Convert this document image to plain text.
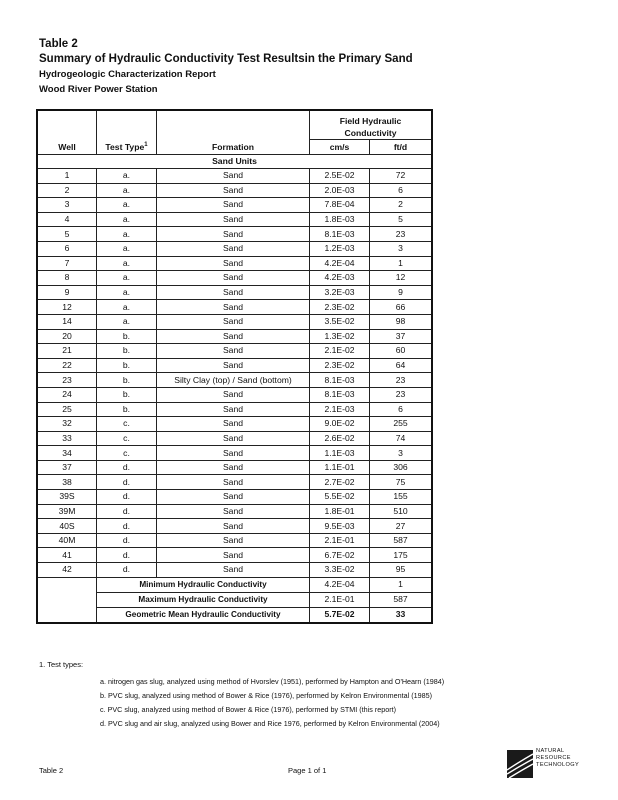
Table 2
Summary of Hydraulic Conductivity Test Resultsin the Primary Sand
Hydrogeologic Characterization Report
Wood River Power Station
Well	Test Type$^1$	Formation	Field Hydraulic Conductivity	
			cm/s	ft/d
Sand Units				
1	a.	Sand	2.5E-02	72
2	a.	Sand	2.0E-03	6
3	a.	Sand	7.8E-04	2
4	a.	Sand	1.8E-03	5
5	a.	Sand	8.1E-03	23
6	a.	Sand	1.2E-03	3
7	a.	Sand	4.2E-04	1
8	a.	Sand	4.2E-03	12
9	a.	Sand	3.2E-03	9
12	a.	Sand	2.3E-02	66
14	a.	Sand	3.5E-02	98
20	b.	Sand	1.3E-02	37
21	b.	Sand	2.1E-02	60
22	b.	Sand	2.3E-02	64
23	b.	Silty Clay (top) / Sand (bottom)	8.1E-03	23
24	b.	Sand	8.1E-03	23
25	b.	Sand	2.1E-03	6
32	c.	Sand	9.0E-02	255
33	c.	Sand	2.6E-02	74
34	c.	Sand	1.1E-03	3
37	d.	Sand	1.1E-01	306
38	d.	Sand	2.7E-02	75
39S	d.	Sand	5.5E-02	155
39M	d.	Sand	1.8E-01	510
40S	d.	Sand	9.5E-03	27
40M	d.	Sand	2.1E-01	587
41	d.	Sand	6.7E-02	175
42	d.	Sand	3.3E-02	95
	Minimum Hydraulic Conductivity		4.2E-04	1
	Maximum Hydraulic Conductivity		2.1E-01	587
	Geometric Mean Hydraulic Conductivity		5.7E-02	33
1. Test types:
a. nitrogen gas slug, analyzed using method of Hvorslev (1951), performed by Hampton and O'Hearn (1984)
b. PVC slug, analyzed using method of Bower & Rice (1976), performed by Kelron Environmental (1985)
c. PVC slug, analyzed using method of Bower & Rice (1976), performed by STMI (this report)
d. PVC slug and air slug, analyzed using Bower and Rice 1976, performed by Kelron Environmental (2004)
Table 2	Page 1 of 1
NATURAL
RESOURCE
TECHNOLOGY
